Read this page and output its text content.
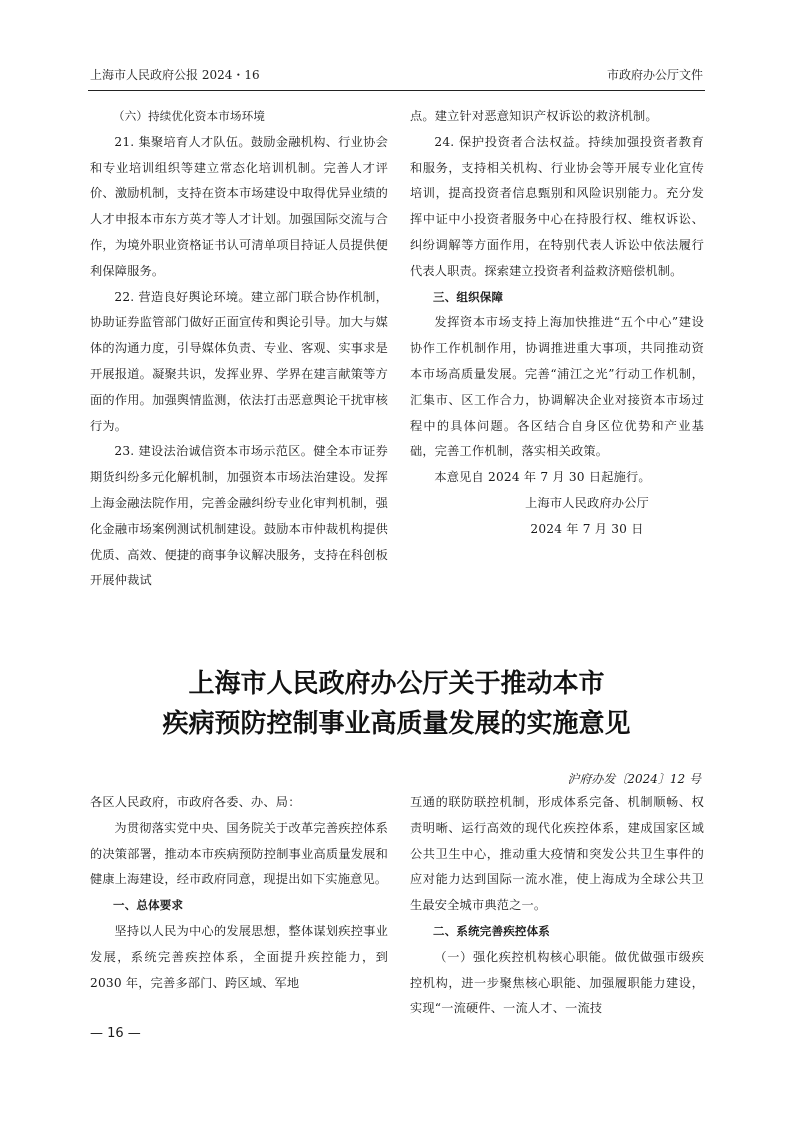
上海市人民政府公报 2024・16	市政府办公厅文件

（六）持续优化资本市场环境

21. 集聚培育人才队伍。鼓励金融机构、行业协会和专业培训组织等建立常态化培训机制。完善人才评价、激励机制，支持在资本市场建设中取得优异业绩的人才申报本市东方英才等人才计划。加强国际交流与合作，为境外职业资格证书认可清单项目持证人员提供便利保障服务。

22. 营造良好舆论环境。建立部门联合协作机制，协助证券监管部门做好正面宣传和舆论引导。加大与媒体的沟通力度，引导媒体负责、专业、客观、实事求是开展报道。凝聚共识，发挥业界、学界在建言献策等方面的作用。加强舆情监测，依法打击恶意舆论干扰审核行为。

23. 建设法治诚信资本市场示范区。健全本市证券期货纠纷多元化解机制，加强资本市场法治建设。发挥上海金融法院作用，完善金融纠纷专业化审判机制，强化金融市场案例测试机制建设。鼓励本市仲裁机构提供优质、高效、便捷的商事争议解决服务，支持在科创板开展仲裁试

点。建立针对恶意知识产权诉讼的救济机制。

24. 保护投资者合法权益。持续加强投资者教育和服务，支持相关机构、行业协会等开展专业化宣传培训，提高投资者信息甄别和风险识别能力。充分发挥中证中小投资者服务中心在持股行权、维权诉讼、纠纷调解等方面作用，在特别代表人诉讼中依法履行代表人职责。探索建立投资者利益救济赔偿机制。

三、组织保障

发挥资本市场支持上海加快推进“五个中心”建设协作工作机制作用，协调推进重大事项，共同推动资本市场高质量发展。完善“浦江之光”行动工作机制，汇集市、区工作合力，协调解决企业对接资本市场过程中的具体问题。各区结合自身区位优势和产业基础，完善工作机制，落实相关政策。

本意见自 2024 年 7 月 30 日起施行。

上海市人民政府办公厅

2024 年 7 月 30 日

上海市人民政府办公厅关于推动本市
疾病预防控制事业高质量发展的实施意见
沪府办发〔2024〕12 号

各区人民政府，市政府各委、办、局：

为贯彻落实党中央、国务院关于改革完善疾控体系的决策部署，推动本市疾病预防控制事业高质量发展和健康上海建设，经市政府同意，现提出如下实施意见。

一、总体要求

坚持以人民为中心的发展思想，整体谋划疾控事业发展，系统完善疾控体系，全面提升疾控能力，到 2030 年，完善多部门、跨区域、军地

互通的联防联控机制，形成体系完备、机制顺畅、权责明晰、运行高效的现代化疾控体系，建成国家区域公共卫生中心，推动重大疫情和突发公共卫生事件的应对能力达到国际一流水准，使上海成为全球公共卫生最安全城市典范之一。

二、系统完善疾控体系

（一）强化疾控机构核心职能。做优做强市级疾控机构，进一步聚焦核心职能、加强履职能力建设，实现“一流硬件、一流人才、一流技

— 16 —
